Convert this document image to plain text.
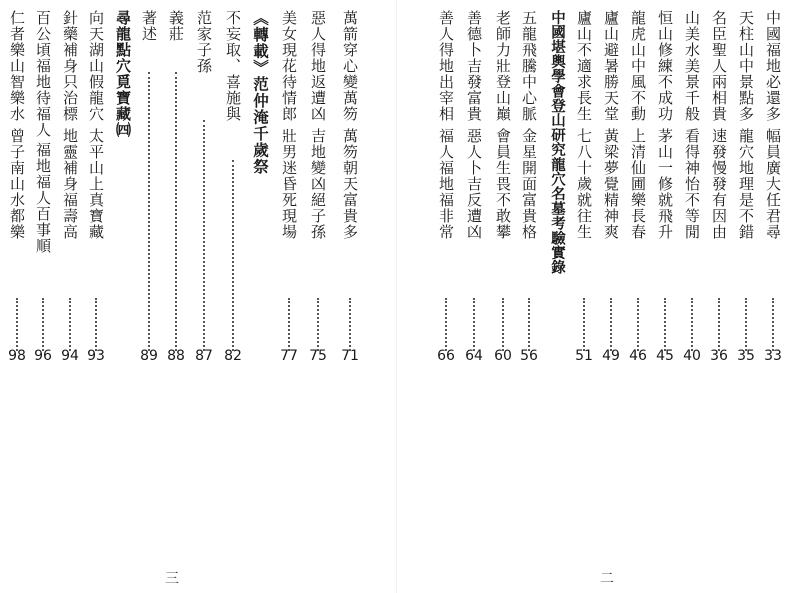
萬箭穿心變萬笏
萬笏朝天富貴多
71
惡人得地返遭凶
吉地變凶絕子孫
75
美女現花待情郎
壯男迷昏死現場
77
《轉載》范仲淹千歲祭
不妄取、喜施與
82
范家子孫
87
義莊
88
著述
89
尋龍點穴覓寶藏㈣
向天湖山假龍穴
太平山上真寶藏
93
針藥補身只治標
地靈補身福壽高
94
百公頃福地待福人
福地福人百事順
96
仁者樂山智樂水
曾子南山水都樂
98
三
中國福地必還多
幅員廣大任君尋
33
天柱山中景點多
龍穴地理是不錯
35
名臣聖人兩相貴
速發慢發有因由
36
山美水美景千般
看得神怡不等閒
40
恒山修練不成功
茅山一修就飛升
45
龍虎山中風不動
上清仙圃樂長春
46
廬山避暑勝天堂
黃梁夢覺精神爽
49
廬山不適求長生
七八十歲就往生
51
中國堪輿學會登山研究龍穴名墓考驗實錄
五龍飛騰中心脈
金星開面富貴格
56
老師力壯登山巔
會員生畏不敢攀
60
善德卜吉發富貴
惡人卜吉反遭凶
64
善人得地出宰相
福人福地福非常
66
二
